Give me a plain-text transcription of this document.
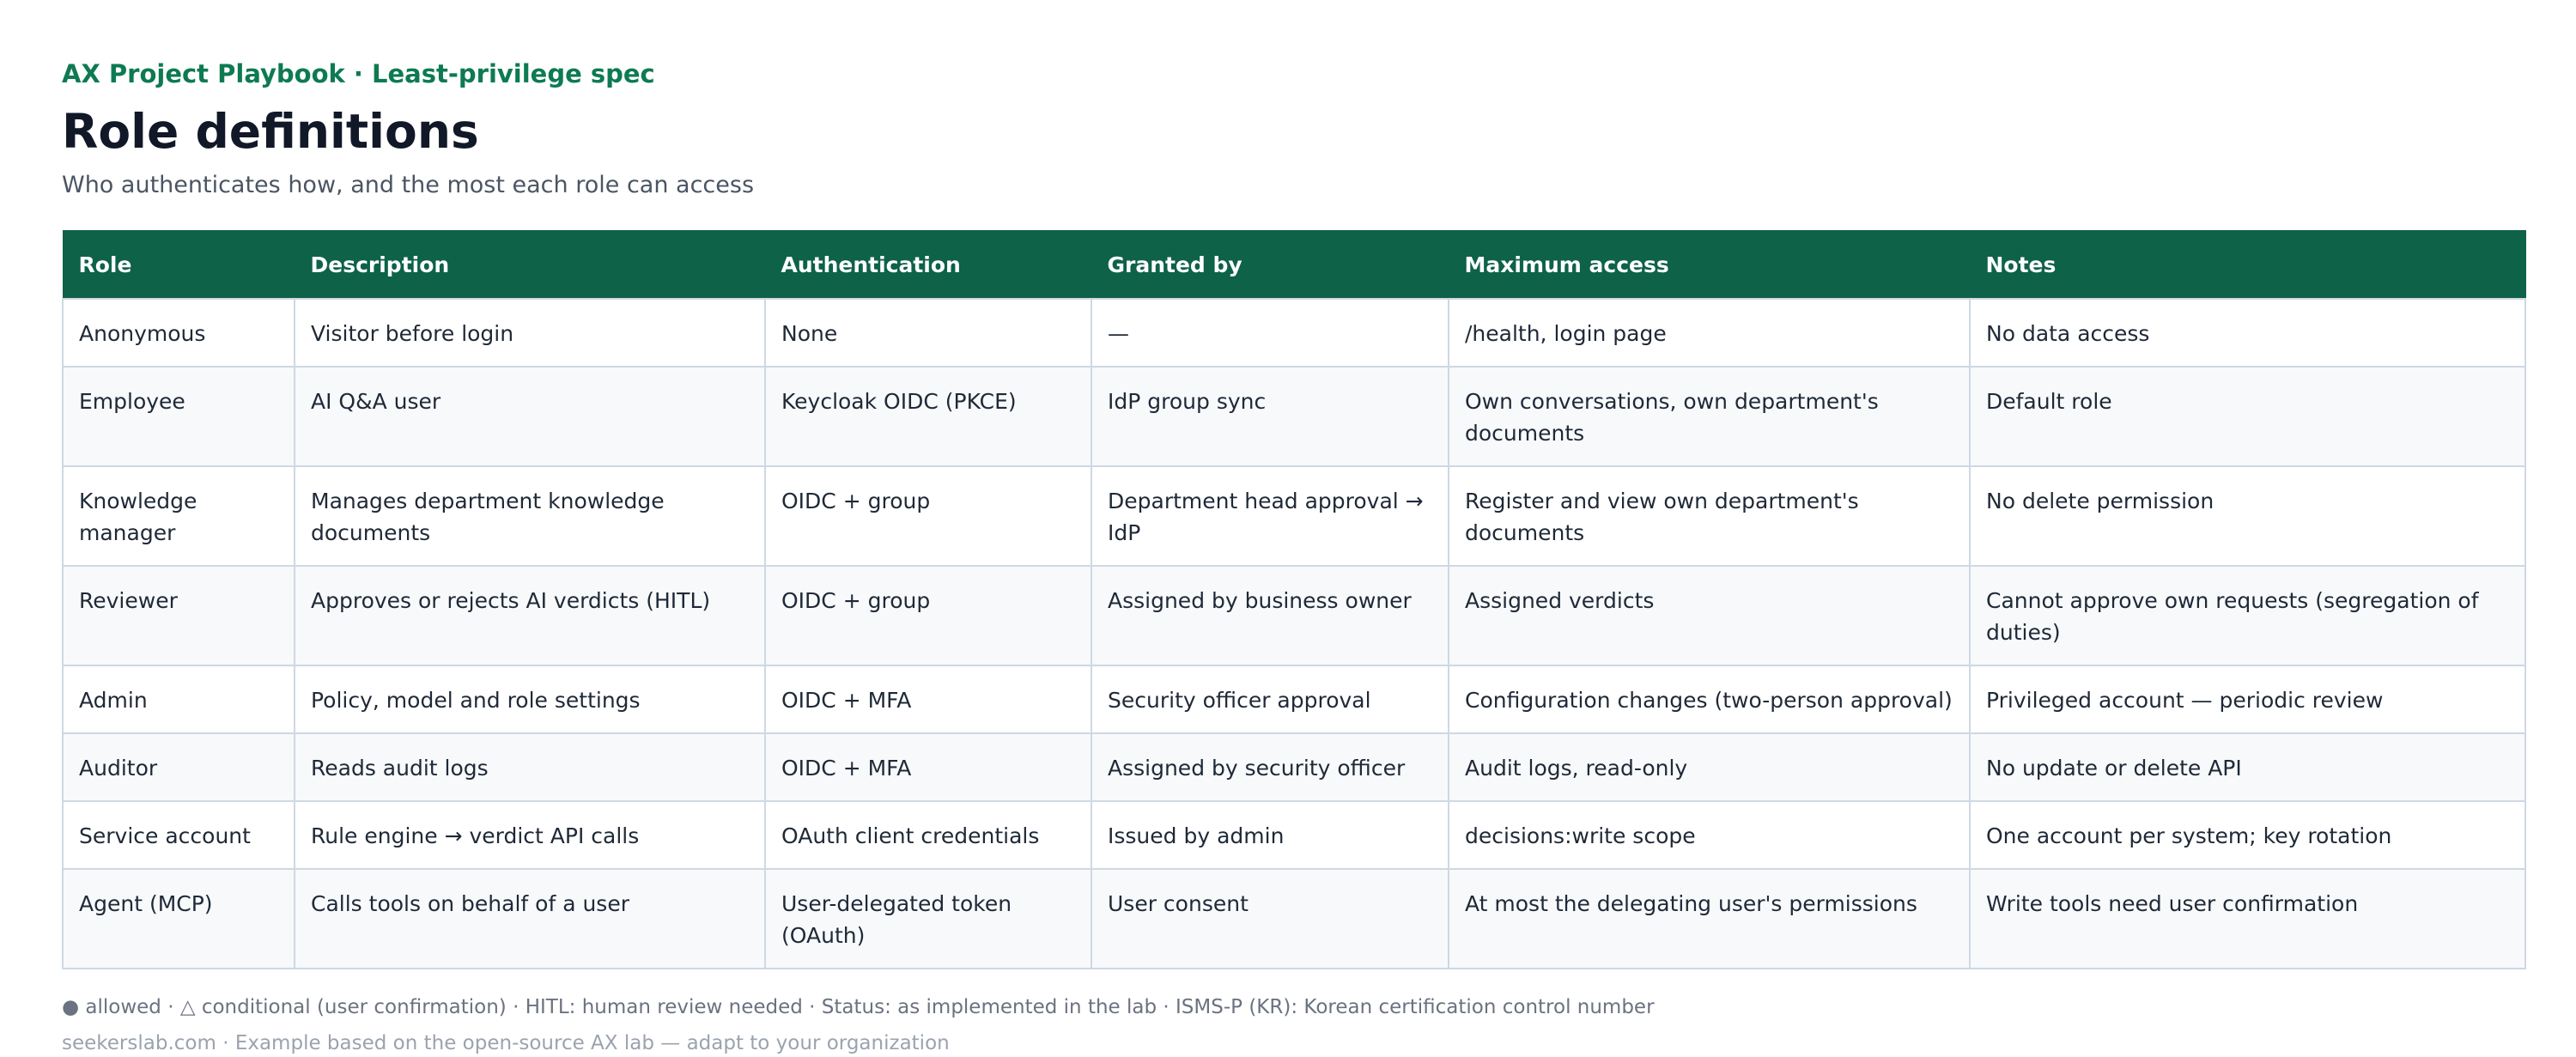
AX Project Playbook · Least-privilege spec
Role definitions
Who authenticates how, and the most each role can access
Role	Description	Authentication	Granted by	Maximum access	Notes
Anonymous	Visitor before login	None	—	/health, login page	No data access
Employee	AI Q&A user	Keycloak OIDC (PKCE)	IdP group sync	Own conversations, own department's documents	Default role
Knowledge manager	Manages department knowledge documents	OIDC + group	Department head approval → IdP	Register and view own department's documents	No delete permission
Reviewer	Approves or rejects AI verdicts (HITL)	OIDC + group	Assigned by business owner	Assigned verdicts	Cannot approve own requests (segregation of duties)
Admin	Policy, model and role settings	OIDC + MFA	Security officer approval	Configuration changes (two-person approval)	Privileged account — periodic review
Auditor	Reads audit logs	OIDC + MFA	Assigned by security officer	Audit logs, read-only	No update or delete API
Service account	Rule engine → verdict API calls	OAuth client credentials	Issued by admin	decisions:write scope	One account per system; key rotation
Agent (MCP)	Calls tools on behalf of a user	User-delegated token (OAuth)	User consent	At most the delegating user's permissions	Write tools need user confirmation
● allowed · △ conditional (user confirmation) · HITL: human review needed · Status: as implemented in the lab · ISMS-P (KR): Korean certification control number
seekerslab.com · Example based on the open-source AX lab — adapt to your organization
